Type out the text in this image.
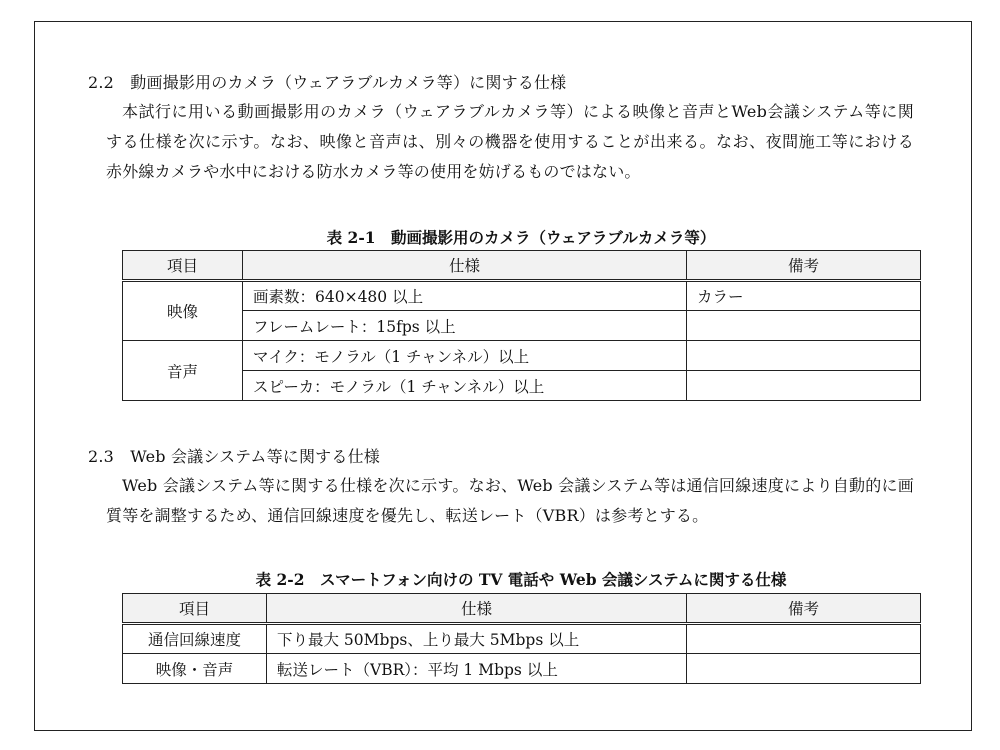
2.2　動画撮影用のカメラ（ウェアラブルカメラ等）に関する仕様
本試行に用いる動画撮影用のカメラ（ウェアラブルカメラ等）による映像と音声とWeb会議システム等に関する仕様を次に示す。なお、映像と音声は、別々の機器を使用することが出来る。なお、夜間施工等における赤外線カメラや水中における防水カメラ等の使用を妨げるものではない。
表 2-1　動画撮影用のカメラ（ウェアラブルカメラ等）
項目	仕様	備考
映像	画素数：640×480 以上	カラー
	フレームレート：15fps 以上	
音声	マイク：モノラル（1 チャンネル）以上	
	スピーカ：モノラル（1 チャンネル）以上	
2.3　Web 会議システム等に関する仕様
Web 会議システム等に関する仕様を次に示す。なお、Web 会議システム等は通信回線速度により自動的に画質等を調整するため、通信回線速度を優先し、転送レート（VBR）は参考とする。
表 2-2　スマートフォン向けの TV 電話や Web 会議システムに関する仕様
項目	仕様	備考
通信回線速度	下り最大 50Mbps、上り最大 5Mbps 以上	
映像・音声	転送レート（VBR）：平均 1 Mbps 以上	
